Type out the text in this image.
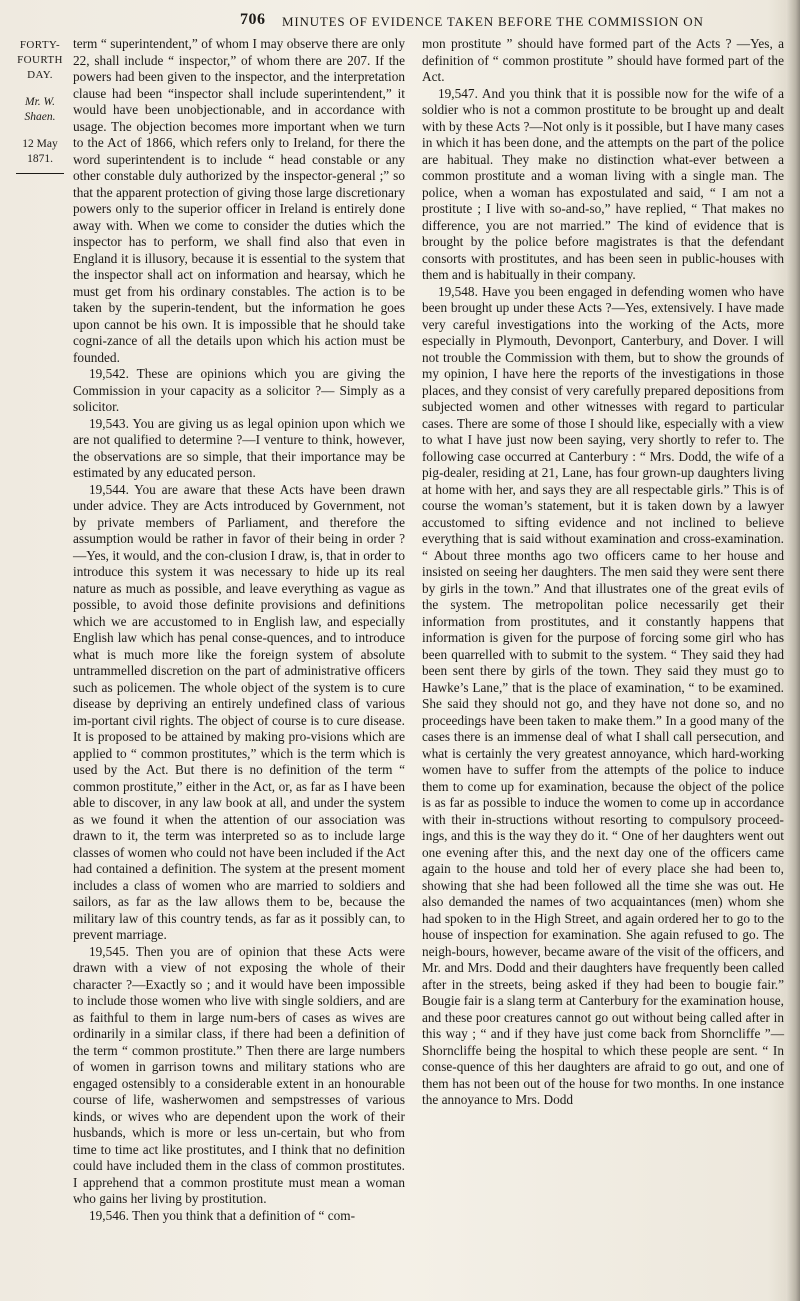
706 MINUTES OF EVIDENCE TAKEN BEFORE THE COMMISSION ON
FORTY-
FOURTH DAY.
Mr. W. Shaen.
12 May 1871.

term “ superintendent,” of whom I may observe there are only 22, shall include “ inspector,” of whom there are 207. If the powers had been given to the inspector, and the interpretation clause had been “inspector shall include superintendent,” it would have been unobjectionable, and in accordance with usage. The objection becomes more important when we turn to the Act of 1866, which refers only to Ireland, for there the word superintendent is to include “ head constable or any other constable duly authorized by the inspector-general ;” so that the apparent protection of giving those large discretionary powers only to the superior officer in Ireland is entirely done away with. When we come to consider the duties which the inspector has to perform, we shall find also that even in England it is illusory, because it is essential to the system that the inspector shall act on information and hearsay, which he must get from his ordinary constables. The action is to be taken by the superin-tendent, but the information he goes upon cannot be his own. It is impossible that he should take cogni-zance of all the details upon which his action must be founded.

19,542. These are opinions which you are giving the Commission in your capacity as a solicitor ?— Simply as a solicitor.

19,543. You are giving us as legal opinion upon which we are not qualified to determine ?—I venture to think, however, the observations are so simple, that their importance may be estimated by any educated person.

19,544. You are aware that these Acts have been drawn under advice. They are Acts introduced by Government, not by private members of Parliament, and therefore the assumption would be rather in favor of their being in order ?—Yes, it would, and the con-clusion I draw, is, that in order to introduce this system it was necessary to hide up its real nature as much as possible, and leave everything as vague as possible, to avoid those definite provisions and definitions which we are accustomed to in English law, and especially English law which has penal conse-quences, and to introduce what is much more like the foreign system of absolute untrammelled discretion on the part of administrative officers such as policemen. The whole object of the system is to cure disease by depriving an entirely undefined class of various im-portant civil rights. The object of course is to cure disease. It is proposed to be attained by making pro-visions which are applied to “ common prostitutes,” which is the term which is used by the Act. But there is no definition of the term “ common prostitute,” either in the Act, or, as far as I have been able to discover, in any law book at all, and under the system as we found it when the attention of our association was drawn to it, the term was interpreted so as to include large classes of women who could not have been included if the Act had contained a definition. The system at the present moment includes a class of women who are married to soldiers and sailors, as far as the law allows them to be, because the military law of this country tends, as far as it possibly can, to prevent marriage.

19,545. Then you are of opinion that these Acts were drawn with a view of not exposing the whole of their character ?—Exactly so ; and it would have been impossible to include those women who live with single soldiers, and are as faithful to them in large num-bers of cases as wives are ordinarily in a similar class, if there had been a definition of the term “ common prostitute.” Then there are large numbers of women in garrison towns and military stations who are engaged ostensibly to a considerable extent in an honourable course of life, washerwomen and sempstresses of various kinds, or wives who are dependent upon the work of their husbands, which is more or less un-certain, but who from time to time act like prostitutes, and I think that no definition could have included them in the class of common prostitutes. I apprehend that a common prostitute must mean a woman who gains her living by prostitution.

19,546. Then you think that a definition of “ com-

mon prostitute ” should have formed part of the Acts ? —Yes, a definition of “ common prostitute ” should have formed part of the Act.

19,547. And you think that it is possible now for the wife of a soldier who is not a common prostitute to be brought up and dealt with by these Acts ?—Not only is it possible, but I have many cases in which it has been done, and the attempts on the part of the police are habitual. They make no distinction what-ever between a common prostitute and a woman living with a single man. The police, when a woman has expostulated and said, “ I am not a prostitute ; I live with so-and-so,” have replied, “ That makes no difference, you are not married.” The kind of evidence that is brought by the police before magistrates is that the defendant consorts with prostitutes, and has been seen in public-houses with them and is habitually in their company.

19,548. Have you been engaged in defending women who have been brought up under these Acts ?—Yes, extensively. I have made very careful investigations into the working of the Acts, more especially in Plymouth, Devonport, Canterbury, and Dover. I will not trouble the Commission with them, but to show the grounds of my opinion, I have here the reports of the investigations in those places, and they consist of very carefully prepared depositions from subjected women and other witnesses with regard to particular cases. There are some of those I should like, especially with a view to what I have just now been saying, very shortly to refer to. The following case occurred at Canterbury : “ Mrs. Dodd, the wife of a pig-dealer, residing at 21, Lane, has four grown-up daughters living at home with her, and says they are all respectable girls.” This is of course the woman’s statement, but it is taken down by a lawyer accustomed to sifting evidence and not inclined to believe everything that is said without examination and cross-examination. “ About three months ago two officers came to her house and insisted on seeing her daughters. The men said they were sent there by girls in the town.” And that illustrates one of the great evils of the system. The metropolitan police necessarily get their information from prostitutes, and it constantly happens that information is given for the purpose of forcing some girl who has been quarrelled with to submit to the system. “ They said they had been sent there by girls of the town. They said they must go to Hawke’s Lane,” that is the place of examination, “ to be examined. She said they should not go, and they have not done so, and no proceedings have been taken to make them.” In a good many of the cases there is an immense deal of what I shall call persecution, and what is certainly the very greatest annoyance, which hard-working women have to suffer from the attempts of the police to induce them to come up for examination, because the object of the police is as far as possible to induce the women to come up in accordance with their in-structions without resorting to compulsory proceed-ings, and this is the way they do it. “ One of her daughters went out one evening after this, and the next day one of the officers came again to the house and told her of every place she had been to, showing that she had been followed all the time she was out. He also demanded the names of two acquaintances (men) whom she had spoken to in the High Street, and again ordered her to go to the house of inspection for examination. She again refused to go. The neigh-bours, however, became aware of the visit of the officers, and Mr. and Mrs. Dodd and their daughters have frequently been called after in the streets, being asked if they had been to bougie fair.” Bougie fair is a slang term at Canterbury for the examination house, and these poor creatures cannot go out without being called after in this way ; “ and if they have just come back from Shorncliffe ”—Shorncliffe being the hospital to which these people are sent. “ In conse-quence of this her daughters are afraid to go out, and one of them has not been out of the house for two months. In one instance the annoyance to Mrs. Dodd
